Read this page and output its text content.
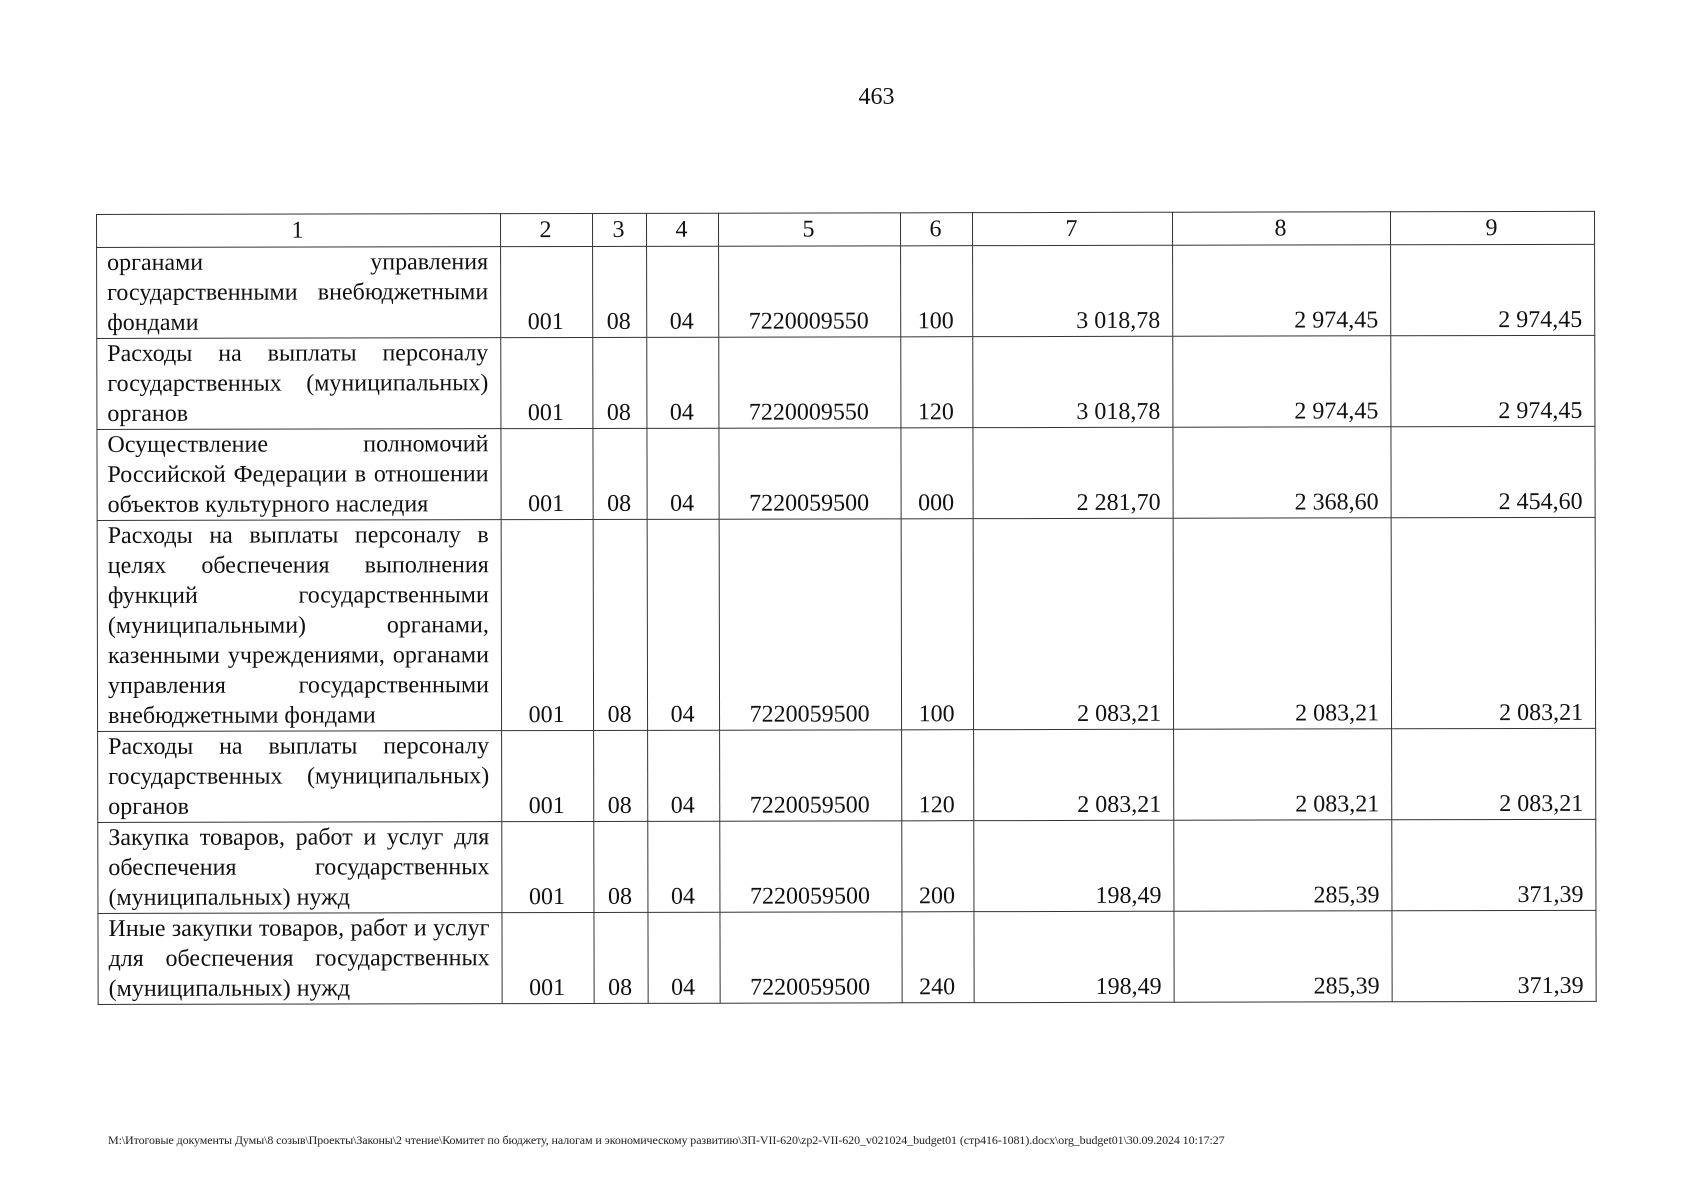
463
1	2	3	4	5	6	7	8	9
органами управления государственными внебюджетными фондами	001	08	04	7220009550	100	3 018,78	2 974,45	2 974,45
Расходы на выплаты персоналу государственных (муниципальных) органов	001	08	04	7220009550	120	3 018,78	2 974,45	2 974,45
Осуществление полномочий Российской Федерации в отношении объектов культурного наследия	001	08	04	7220059500	000	2 281,70	2 368,60	2 454,60
Расходы на выплаты персоналу в целях обеспечения выполнения функций государственными (муниципальными) органами, казенными учреждениями, органами управления государственными внебюджетными фондами	001	08	04	7220059500	100	2 083,21	2 083,21	2 083,21
Расходы на выплаты персоналу государственных (муниципальных) органов	001	08	04	7220059500	120	2 083,21	2 083,21	2 083,21
Закупка товаров, работ и услуг для обеспечения государственных (муниципальных) нужд	001	08	04	7220059500	200	198,49	285,39	371,39
Иные закупки товаров, работ и услуг для обеспечения государственных (муниципальных) нужд	001	08	04	7220059500	240	198,49	285,39	371,39
М:\Итоговые документы Думы\8 созыв\Проекты\Законы\2 чтение\Комитет по бюджету, налогам и экономическому развитию\ЗП-VII-620\zp2-VII-620_v021024_budget01 (стр416-1081).docx\org_budget01\30.09.2024 10:17:27
